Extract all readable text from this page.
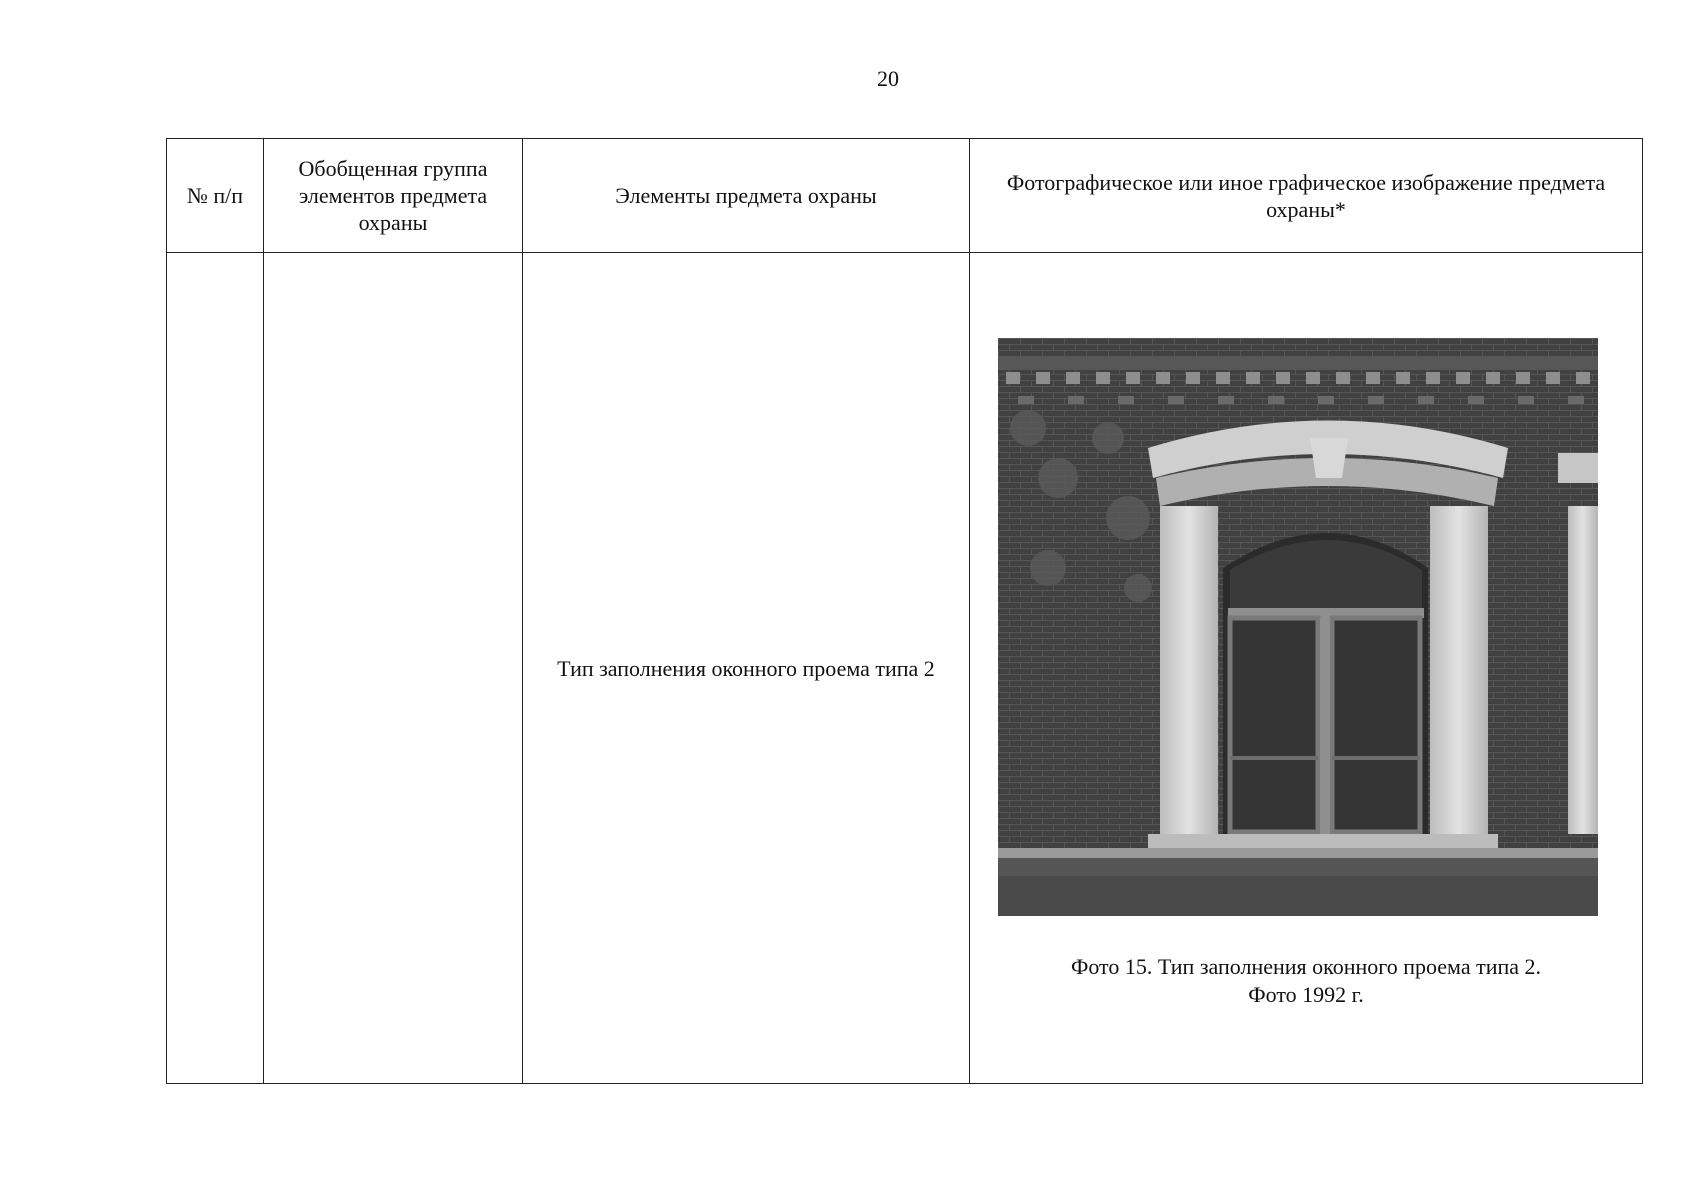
20
№ п/п	Обобщенная группа элементов предмета охраны	Элементы предмета охраны	Фотографическое или иное графическое изображение предмета охраны*
		Тип заполнения оконного проема типа 2	Фото 15. Тип заполнения оконного проема типа 2.
Фото 1992 г.
